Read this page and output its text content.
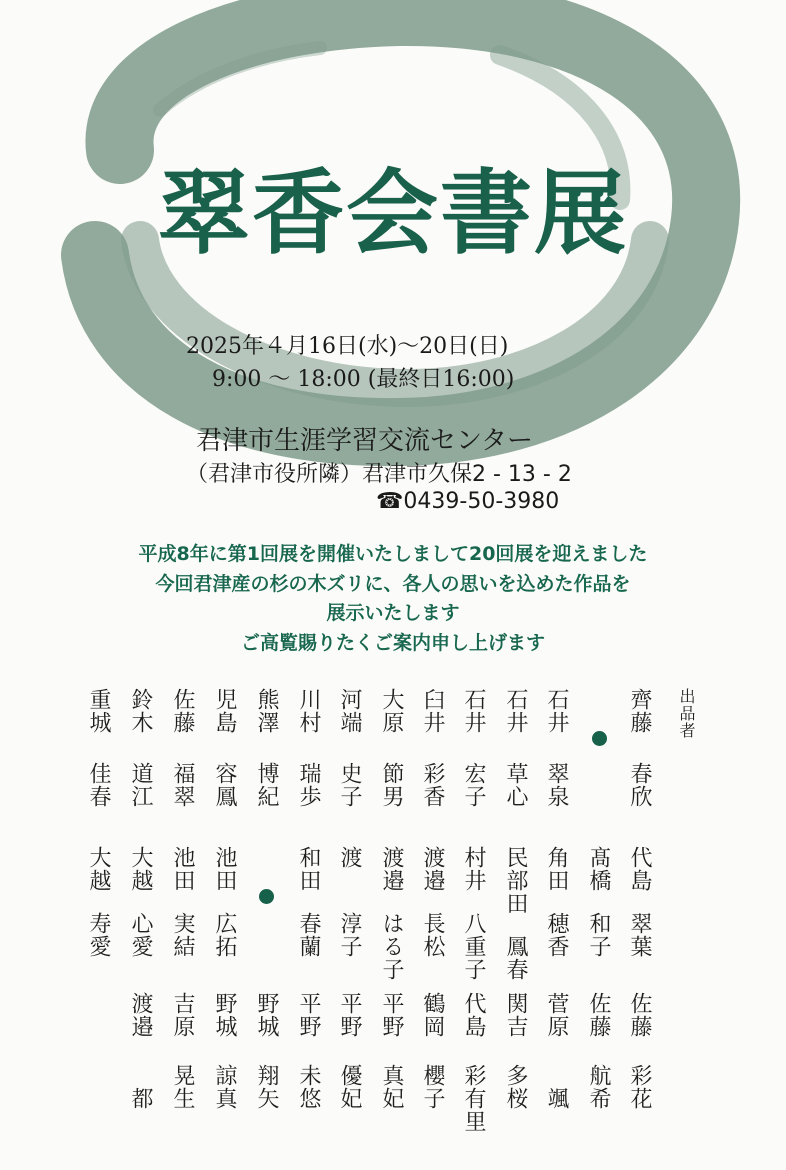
翠香会書展
2025年４月16日(水)～20日(日)
9:00 ～ 18:00 (最終日16:00)
君津市生涯学習交流センター
（君津市役所隣）君津市久保2 - 13 - 2
☎0439-50-3980
平成8年に第1回展を開催いたしまして20回展を迎えました
今回君津産の杉の木ズリに、各人の思いを込めた作品を
展示いたします
ご高覧賜りたくご案内申し上げます
出品者
齊藤
春欣
石井
翠泉
石井
草心
石井
宏子
臼井
彩香
大原
節男
河端
史子
川村
瑞歩
熊澤
博紀
児島
容鳳
佐藤
福翠
鈴木
道江
重城
佳春
代島
翠葉
髙橋
和子
角田
穂香
民部田
鳳春
村井
八重子
渡邉
長松
渡邉
はる子
渡
淳子
和田
春蘭
池田
広拓
池田
実結
大越
心愛
大越
寿愛
佐藤
彩花
佐藤
航希
菅原
颯
関吉
多桜
代島
彩有里
鶴岡
櫻子
平野
真妃
平野
優妃
平野
未悠
野城
翔矢
野城
諒真
吉原
晃生
渡邉
都
